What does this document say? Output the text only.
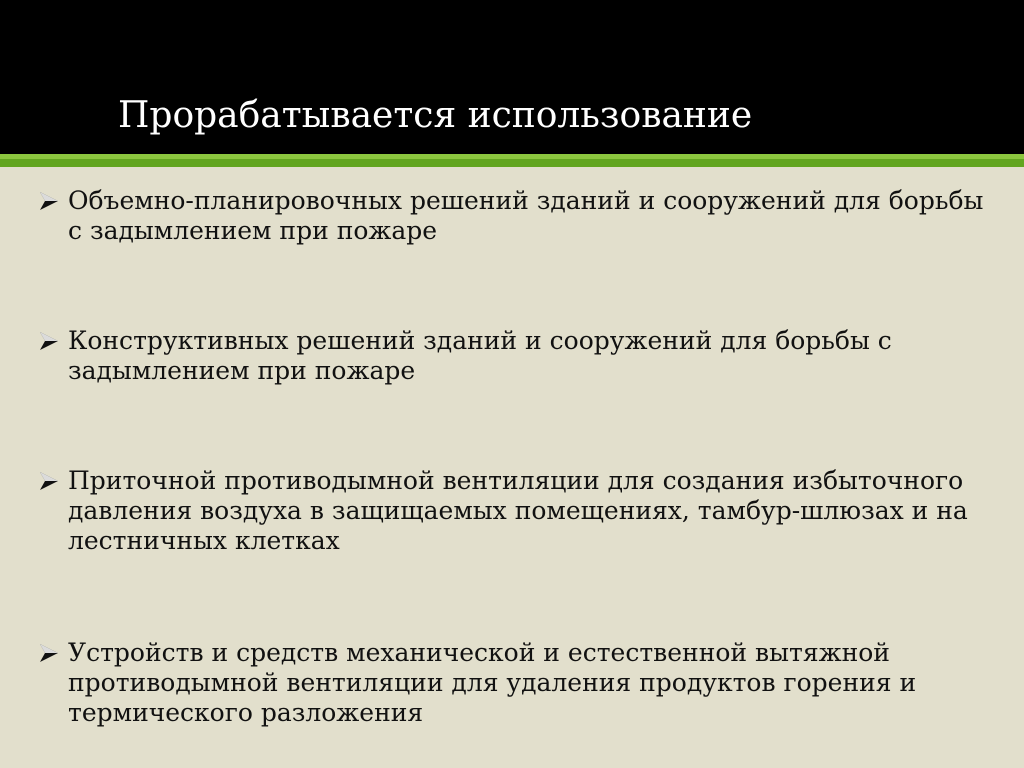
Прорабатывается использование
Объемно-планировочных решений зданий и сооружений для борьбы с задымлением при пожаре
Конструктивных решений зданий и сооружений для борьбы с задымлением при пожаре
Приточной противодымной вентиляции для создания избыточного давления воздуха в защищаемых помещениях, тамбур-шлюзах и на лестничных клетках
Устройств и средств механической и естественной вытяжной противодымной вентиляции для удаления продуктов горения и термического разложения
